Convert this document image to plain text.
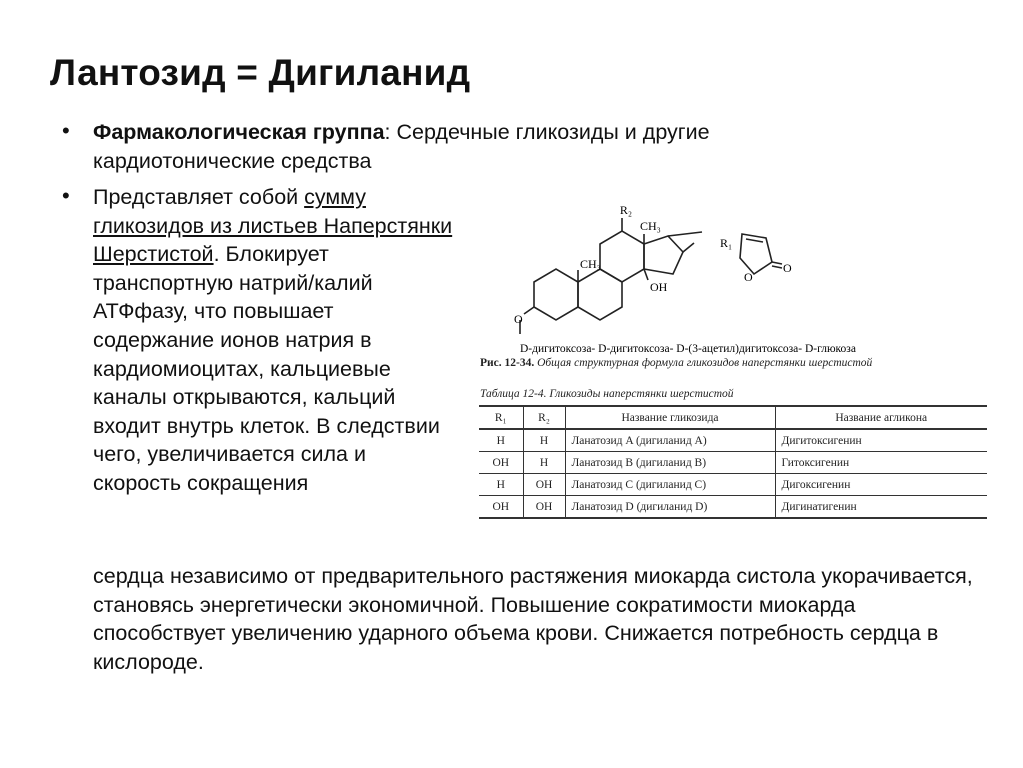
Лантозид = Дигиланид
• Фармакологическая группа: Сердечные гликозиды и другие кардиотонические средства
• Представляет собой сумму гликозидов из листьев Наперстянки Шерстистой. Блокирует транспортную натрий/калий АТФфазу, что повышает содержание ионов натрия в кардиомиоцитах, кальциевые каналы открываются, кальций входит внутрь клеток. В следствии чего, увеличивается сила и скорость сокращения
сердца независимо от предварительного растяжения миокарда систола укорачивается, становясь энергетически экономичной. Повышение сократимости миокарда способствует увеличению ударного объема крови. Снижается потребность сердца в кислороде.
R₂
CH₃
R₁
CH₃
OH
O
O
O
D-дигитоксоза- D-дигитоксоза- D-(3-ацетил)дигитоксоза- D-глюкоза
Рис. 12-34. Общая структурная формула гликозидов наперстянки шерстистой
Таблица 12-4. Гликозиды наперстянки шерстистой
R₁	R₂	Название гликозида	Название агликона
H	H	Ланатозид A (дигиланид A)	Дигитоксигенин
OH	H	Ланатозид B (дигиланид B)	Гитоксигенин
H	OH	Ланатозид C (дигиланид C)	Дигоксигенин
OH	OH	Ланатозид D (дигиланид D)	Дигинатигенин
